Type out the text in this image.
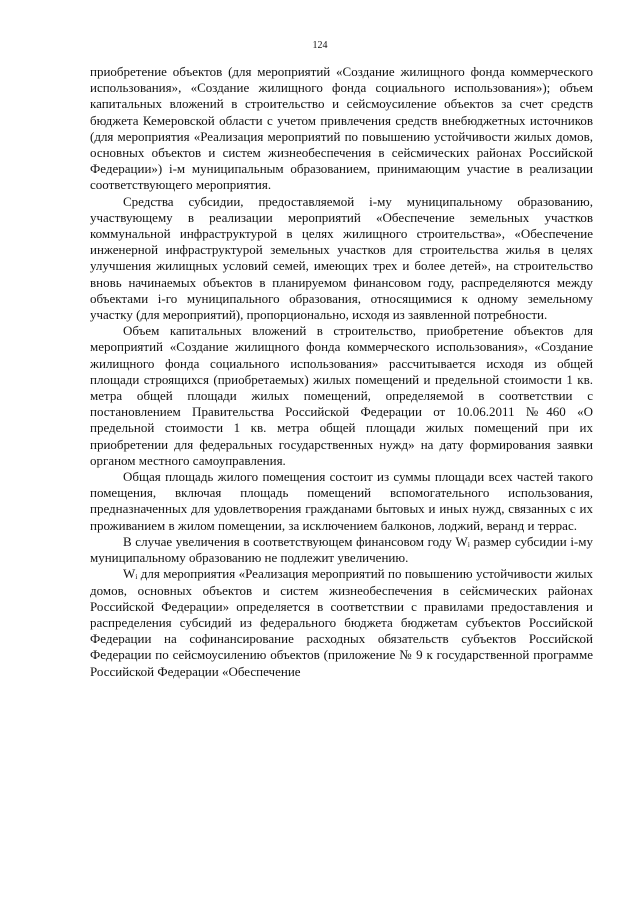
124

приобретение объектов (для мероприятий «Создание жилищного фонда коммерческого использования», «Создание жилищного фонда социального использования»); объем капитальных вложений в строительство и сейсмоусиление объектов за счет средств бюджета Кемеровской области с учетом привлечения средств внебюджетных источников (для мероприятия «Реализация мероприятий по повышению устойчивости жилых домов, основных объектов и систем жизнеобеспечения в сейсмических районах Российской Федерации») i-м муниципальным образованием, принимающим участие в реализации соответствующего мероприятия.

Средства субсидии, предоставляемой i-му муниципальному образованию, участвующему в реализации мероприятий «Обеспечение земельных участков коммунальной инфраструктурой в целях жилищного строительства», «Обеспечение инженерной инфраструктурой земельных участков для строительства жилья в целях улучшения жилищных условий семей, имеющих трех и более детей», на строительство вновь начинаемых объектов в планируемом финансовом году, распределяются между объектами i-го муниципального образования, относящимися к одному земельному участку (для мероприятий), пропорционально, исходя из заявленной потребности.

Объем капитальных вложений в строительство, приобретение объектов для мероприятий «Создание жилищного фонда коммерческого использования», «Создание жилищного фонда социального использования» рассчитывается исходя из общей площади строящихся (приобретаемых) жилых помещений и предельной стоимости 1 кв. метра общей площади жилых помещений, определяемой в соответствии с постановлением Правительства Российской Федерации от 10.06.2011 №460 «О предельной стоимости 1 кв. метра общей площади жилых помещений при их приобретении для федеральных государственных нужд» на дату формирования заявки органом местного самоуправления.

Общая площадь жилого помещения состоит из суммы площади всех частей такого помещения, включая площадь помещений вспомогательного использования, предназначенных для удовлетворения гражданами бытовых и иных нужд, связанных с их проживанием в жилом помещении, за исключением балконов, лоджий, веранд и террас.

В случае увеличения в соответствующем финансовом году Wᵢ размер субсидии i-му муниципальному образованию не подлежит увеличению.

Wᵢ для мероприятия «Реализация мероприятий по повышению устойчивости жилых домов, основных объектов и систем жизнеобеспечения в сейсмических районах Российской Федерации» определяется в соответствии с правилами предоставления и распределения субсидий из федерального бюджета бюджетам субъектов Российской Федерации на софинансирование расходных обязательств субъектов Российской Федерации по сейсмоусилению объектов (приложение № 9 к государственной программе Российской Федерации «Обеспечение
